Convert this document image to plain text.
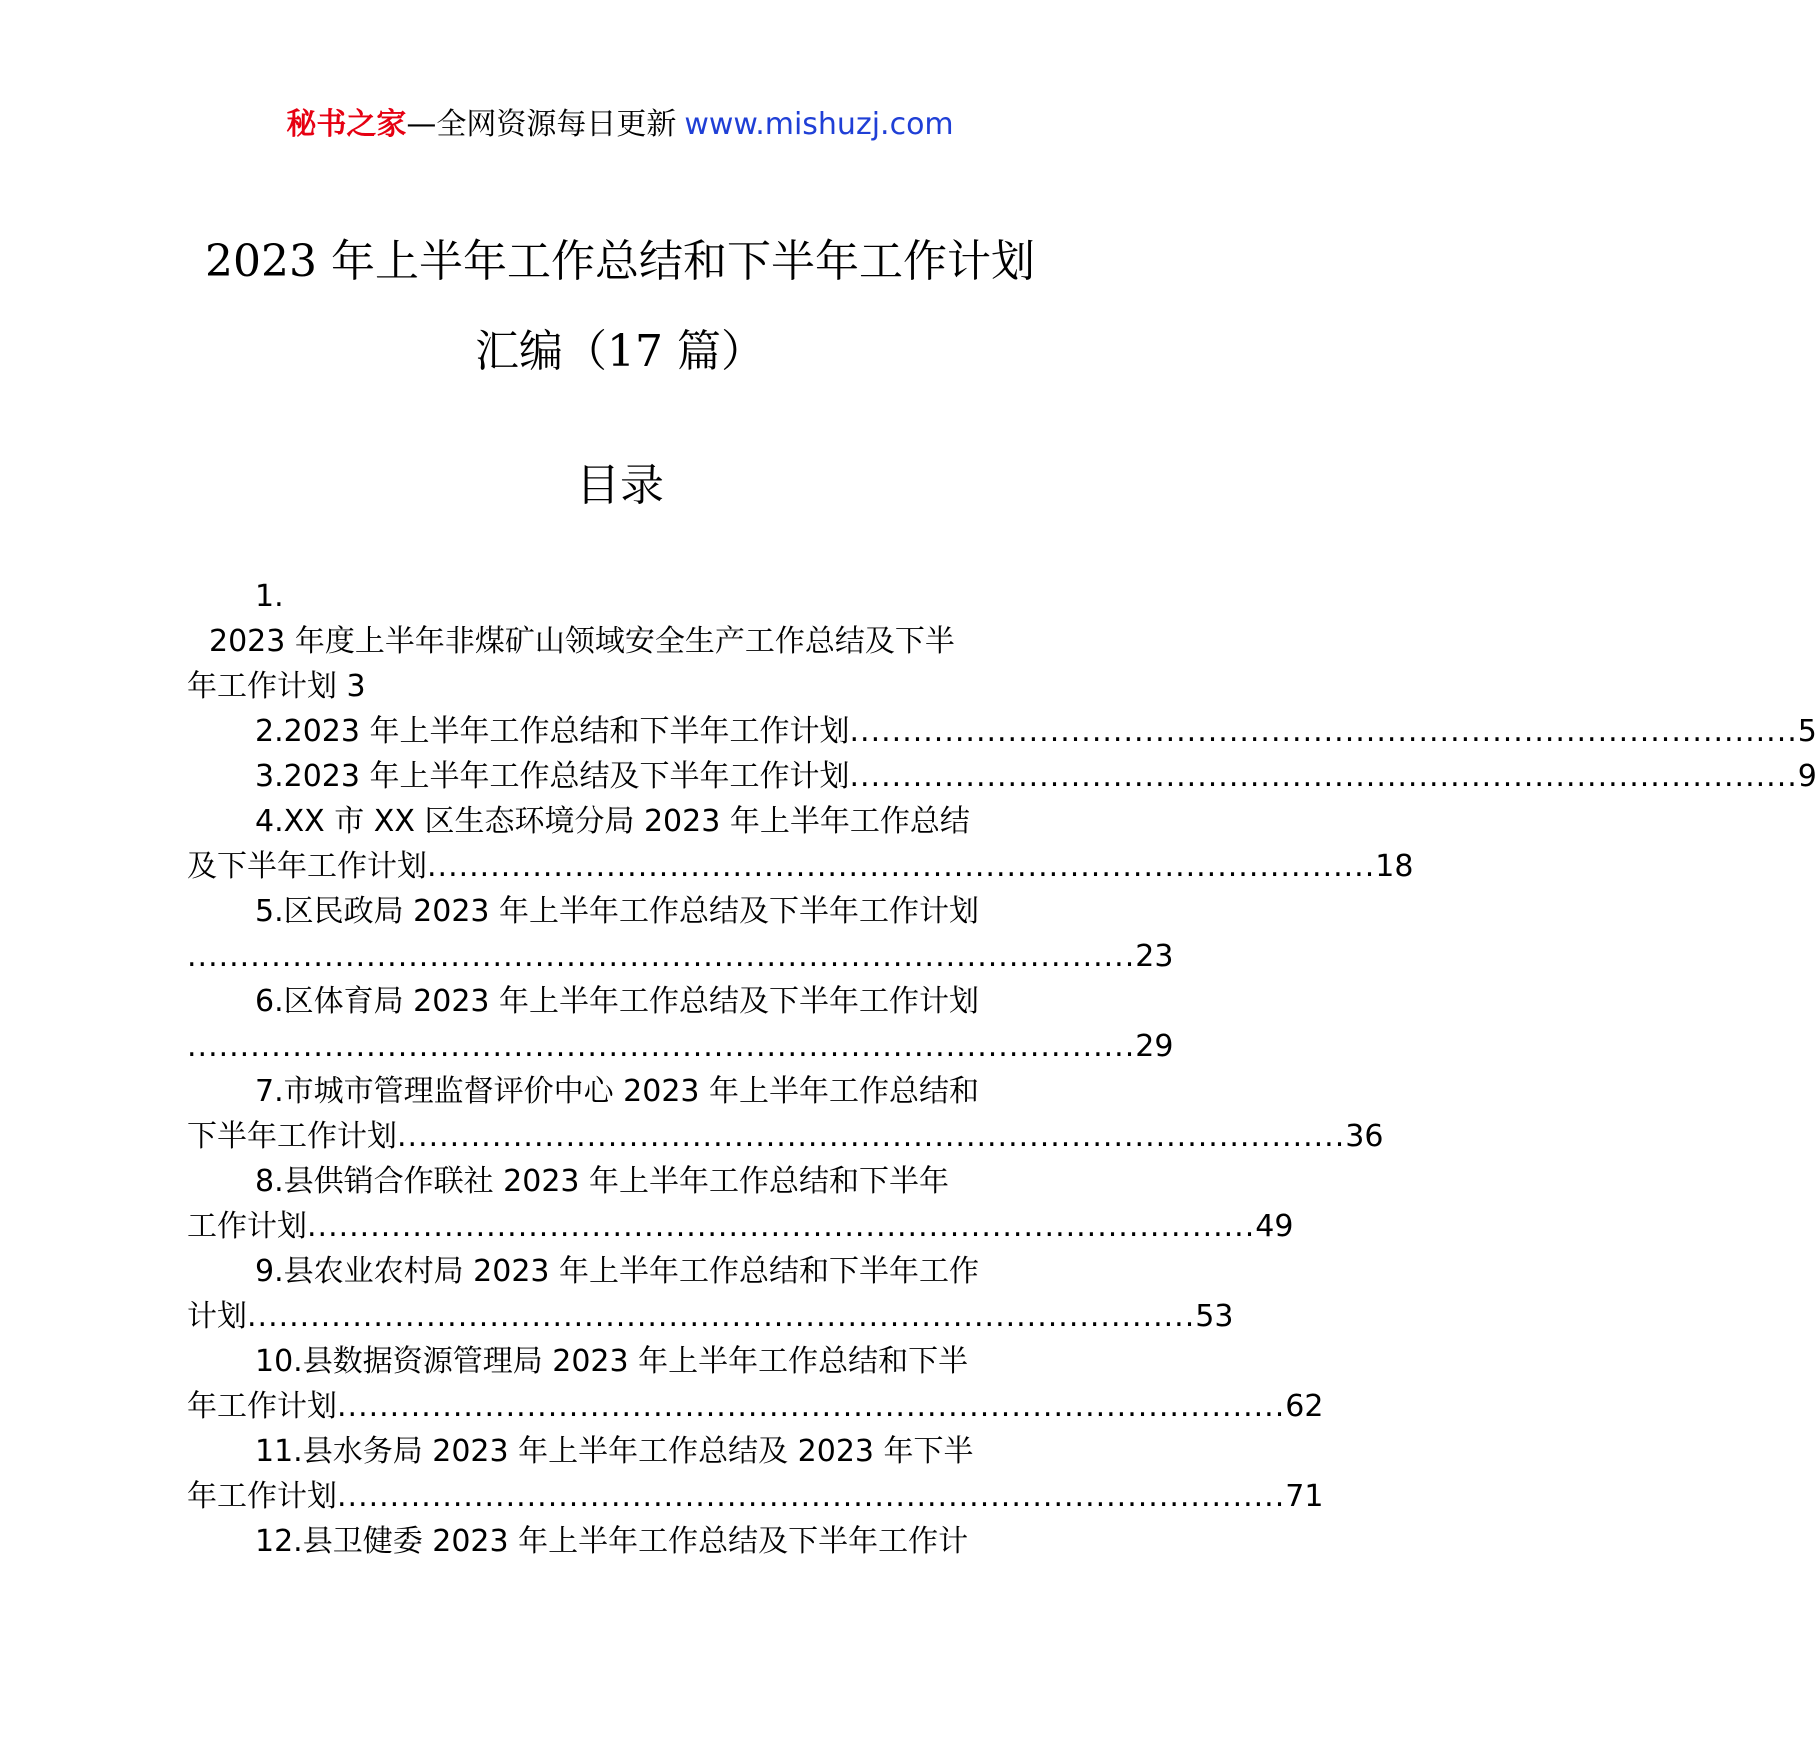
秘书之家—全网资源每日更新 www.mishuzj.com
2023 年上半年工作总结和下半年工作计划
汇编（17 篇）
目录
1.
2023 年度上半年非煤矿山领域安全生产工作总结及下半
年工作计划 3
2.2023 年上半年工作总结和下半年工作计划 .......................................................................................... 5
3.2023 年上半年工作总结及下半年工作计划 .......................................................................................... 9
4.XX 市 XX 区生态环境分局 2023 年上半年工作总结
及下半年工作计划 .......................................................................................... 18
5.区民政局 2023 年上半年工作总结及下半年工作计划
.......................................................................................... 23
6.区体育局 2023 年上半年工作总结及下半年工作计划
.......................................................................................... 29
7.市城市管理监督评价中心 2023 年上半年工作总结和
下半年工作计划 .......................................................................................... 36
8.县供销合作联社 2023 年上半年工作总结和下半年
工作计划 .......................................................................................... 49
9.县农业农村局 2023 年上半年工作总结和下半年工作
计划 .......................................................................................... 53
10.县数据资源管理局 2023 年上半年工作总结和下半
年工作计划 .......................................................................................... 62
11.县水务局 2023 年上半年工作总结及 2023 年下半
年工作计划 .......................................................................................... 71
12.县卫健委 2023 年上半年工作总结及下半年工作计
